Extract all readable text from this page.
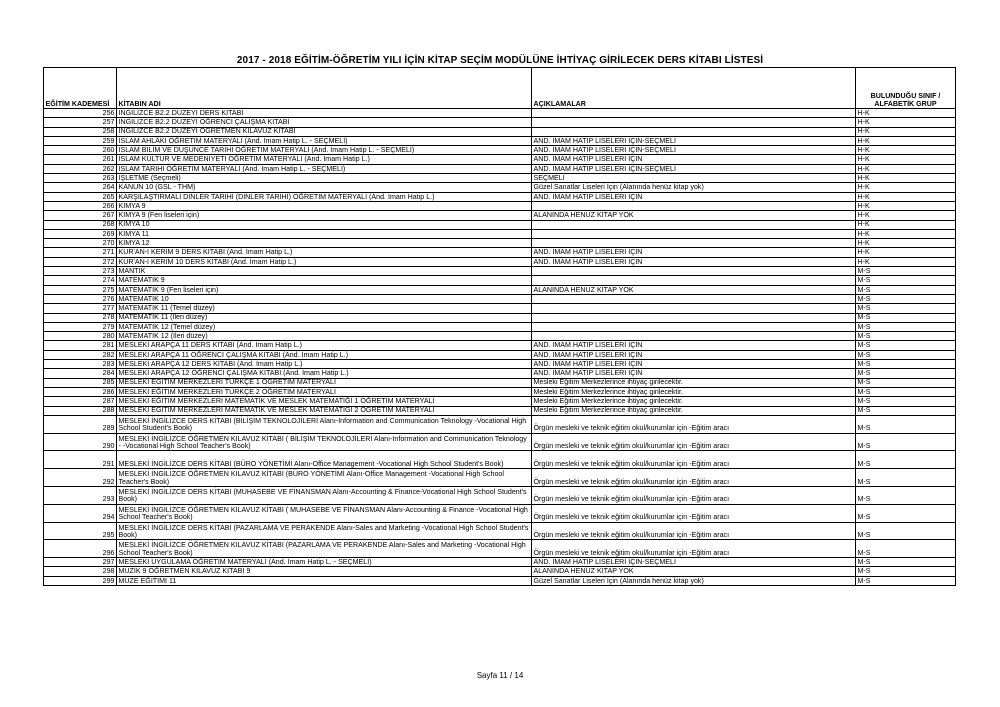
2017 - 2018 EĞİTİM-ÖĞRETİM YILI İÇİN KİTAP SEÇİM MODÜLÜNE İHTİYAÇ GİRİLECEK DERS KİTABI LİSTESİ
EĞİTİM KADEMESİ	KİTABIN ADI	AÇIKLAMALAR	BULUNDUĞU SINIF / ALFABETİK GRUP
256	İNGİLİZCE B2.2 DÜZEYİ DERS KİTABI		H-K
257	İNGİLİZCE B2.2 DÜZEYİ ÖĞRENCİ ÇALIŞMA KİTABI		H-K
258	İNGİLİZCE B2.2 DÜZEYİ ÖĞRETMEN KILAVUZ KİTABI		H-K
259	İSLAM AHLÂKI ÖĞRETİM MATERYALİ (And. İmam Hatip L. - SEÇMELİ)	AND. İMAM HATİP LİSELERİ İÇİN-SEÇMELİ	H-K
260	İSLAM BİLİM VE DÜŞÜNCE TARİHİ ÖĞRETİM MATERYALİ (And. İmam Hatip L. - SEÇMELİ)	AND. İMAM HATİP LİSELERİ İÇİN-SEÇMELİ	H-K
261	İSLAM KÜLTÜR VE MEDENİYETİ ÖĞRETİM MATERYALİ (And. İmam Hatip L.)	AND. İMAM HATİP LİSELERİ İÇİN	H-K
262	İSLAM TARİHİ ÖĞRETİM MATERYALİ (And. İmam Hatip L. - SEÇMELİ)	AND. İMAM HATİP LİSELERİ İÇİN-SEÇMELİ	H-K
263	İŞLETME (Seçmeli)	SEÇMELİ	H-K
264	KANUN 10 (GSL - THM)	Güzel Sanatlar Liseleri İçin (Alanında henüz kitap yok)	H-K
265	KARŞILAŞTIRMALI DİNLER TARİHİ (DİNLER TARİHİ) ÖĞRETİM MATERYALİ (And. İmam Hatip L.)	AND. İMAM HATİP LİSELERİ İÇİN	H-K
266	KİMYA 9		H-K
267	KİMYA 9 (Fen liseleri için)	ALANINDA HENÜZ KİTAP YOK	H-K
268	KİMYA 10		H-K
269	KİMYA 11		H-K
270	KİMYA 12		H-K
271	KUR'AN-I KERİM 9 DERS KİTABI (And. İmam Hatip L.)	AND. İMAM HATİP LİSELERİ İÇİN	H-K
272	KUR'AN-I KERİM 10 DERS KİTABI (And. İmam Hatip L.)	AND. İMAM HATİP LİSELERİ İÇİN	H-K
273	MANTIK		M-S
274	MATEMATİK 9		M-S
275	MATEMATİK 9 (Fen liseleri için)	ALANINDA HENÜZ KİTAP YOK	M-S
276	MATEMATİK 10		M-S
277	MATEMATİK 11 (Temel düzey)		M-S
278	MATEMATİK 11 (İleri düzey)		M-S
279	MATEMATİK 12 (Temel düzey)		M-S
280	MATEMATİK 12 (İleri düzey)		M-S
281	MESLEKİ ARAPÇA 11 DERS KİTABI (And. İmam Hatip L.)	AND. İMAM HATİP LİSELERİ İÇİN	M-S
282	MESLEKİ ARAPÇA 11 ÖĞRENCİ ÇALIŞMA KİTABI (And. İmam Hatip L.)	AND. İMAM HATİP LİSELERİ İÇİN	M-S
283	MESLEKİ ARAPÇA 12 DERS KİTABI (And. İmam Hatip L.)	AND. İMAM HATİP LİSELERİ İÇİN	M-S
284	MESLEKİ ARAPÇA 12 ÖĞRENCİ ÇALIŞMA KİTABI (And. İmam Hatip L.)	AND. İMAM HATİP LİSELERİ İÇİN	M-S
285	MESLEKİ EĞİTİM MERKEZLERİ TÜRKÇE 1 ÖĞRETİM MATERYALİ	Mesleki Eğitim Merkezlerince ihtiyaç girilecektir.	M-S
286	MESLEKİ EĞİTİM MERKEZLERİ TÜRKÇE 2 ÖĞRETİM MATERYALİ	Mesleki Eğitim Merkezlerince ihtiyaç girilecektir.	M-S
287	MESLEKİ EĞİTİM MERKEZLERİ MATEMATİK VE MESLEK MATEMATİĞİ 1 ÖĞRETİM MATERYALİ	Mesleki Eğitim Merkezlerince ihtiyaç girilecektir.	M-S
288	MESLEKİ EĞİTİM MERKEZLERİ MATEMATİK VE MESLEK MATEMATİĞİ 2 ÖĞRETİM MATERYALİ	Mesleki Eğitim Merkezlerince ihtiyaç girilecektir.	M-S
289	MESLEKİ İNGİLİZCE DERS KİTABI (BİLİŞİM TEKNOLOJİLERİ Alanı-Information and Communication Teknology -Vocational High School Student's Book)	Örgün mesleki ve teknik eğitim okul/kurumlar için -Eğitim aracı	M-S
290	MESLEKİ İNGİLİZCE ÖĞRETMEN KILAVUZ KİTABI ( BİLİŞİM TEKNOLOJİLERİ Alanı-Information and Communication Teknology - -Vocational High School Teacher's Book)	Örgün mesleki ve teknik eğitim okul/kurumlar için -Eğitim aracı	M-S
291	MESLEKİ İNGİLİZCE DERS KİTABI (BÜRO YÖNETİMİ Alanı-Office Management -Vocational High School Student's Book)	Örgün mesleki ve teknik eğitim okul/kurumlar için -Eğitim aracı	M-S
292	MESLEKİ İNGİLİZCE ÖĞRETMEN KILAVUZ KİTABI (BÜRO YÖNETİMİ Alanı-Office Management -Vocational High School Teacher's Book)	Örgün mesleki ve teknik eğitim okul/kurumlar için -Eğitim aracı	M-S
293	MESLEKİ İNGİLİZCE DERS KİTABI (MUHASEBE VE FİNANSMAN Alanı-Accounting & Finance-Vocational High School Student's Book)	Örgün mesleki ve teknik eğitim okul/kurumlar için -Eğitim aracı	M-S
294	MESLEKİ İNGİLİZCE ÖĞRETMEN KILAVUZ KİTABI ( MUHASEBE VE FİNANSMAN Alanı-Accounting & Finance -Vocational High School Teacher's Book)	Örgün mesleki ve teknik eğitim okul/kurumlar için -Eğitim aracı	M-S
295	MESLEKİ İNGİLİZCE DERS KİTABI (PAZARLAMA VE PERAKENDE Alanı-Sales and Marketing -Vocational High School Student's Book)	Örgün mesleki ve teknik eğitim okul/kurumlar için -Eğitim aracı	M-S
296	MESLEKİ İNGİLİZCE ÖĞRETMEN KILAVUZ KİTABI (PAZARLAMA VE PERAKENDE Alanı-Sales and Marketing -Vocational High School Teacher's Book)	Örgün mesleki ve teknik eğitim okul/kurumlar için -Eğitim aracı	M-S
297	MESLEKİ UYGULAMA ÖĞRETİM MATERYALİ (And. İmam Hatip L. - SEÇMELİ)	AND. İMAM HATİP LİSELERİ İÇİN-SEÇMELİ	M-S
298	MÜZİK 9 ÖĞRETMEN KILAVUZ KİTABI 9	ALANINDA HENÜZ KİTAP YOK	M-S
299	MÜZE EĞİTİMİ 11	Güzel Sanatlar Liseleri İçin (Alanında henüz kitap yok)	M-S
Sayfa 11 / 14
